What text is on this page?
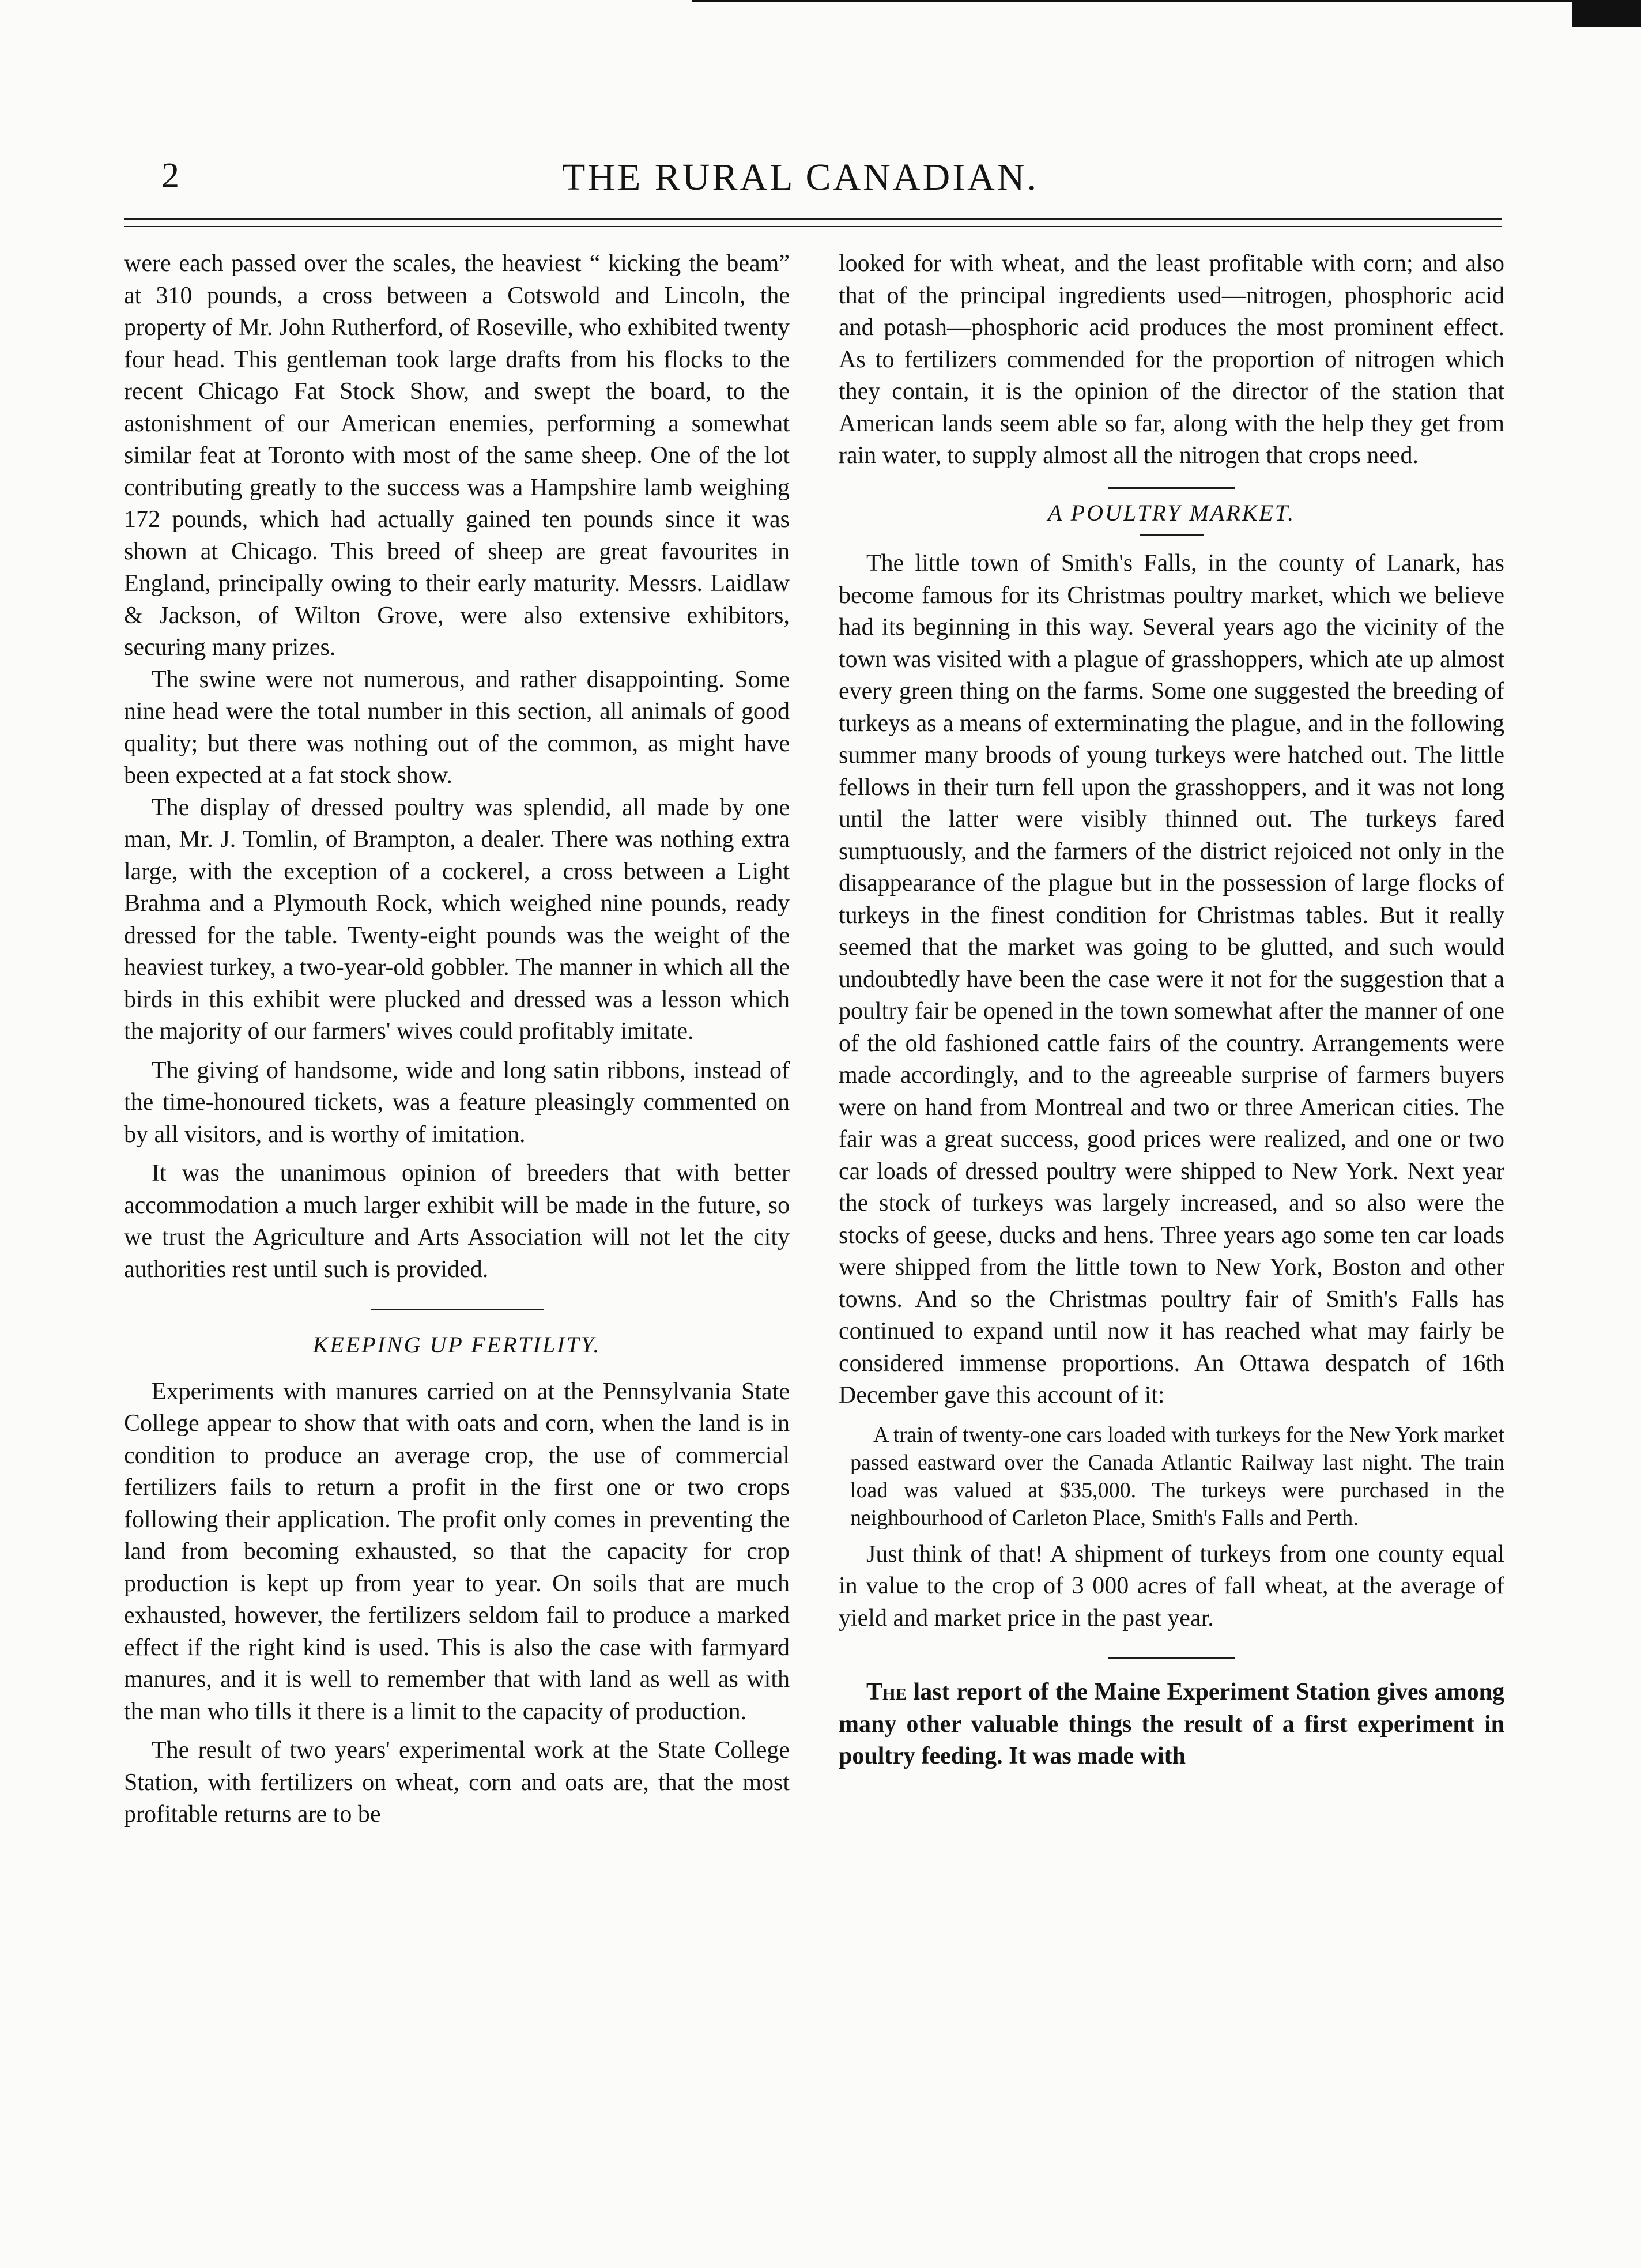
2	THE RURAL CANADIAN.

were each passed over the scales, the heaviest “ kicking the beam” at 310 pounds, a cross between a Cotswold and Lincoln, the property of Mr. John Rutherford, of Roseville, who exhibited twenty four head. This gentleman took large drafts from his flocks to the recent Chicago Fat Stock Show, and swept the board, to the astonishment of our American enemies, performing a somewhat similar feat at Toronto with most of the same sheep. One of the lot contributing greatly to the success was a Hampshire lamb weighing 172 pounds, which had actually gained ten pounds since it was shown at Chicago. This breed of sheep are great favourites in England, principally owing to their early maturity. Messrs. Laidlaw & Jackson, of Wilton Grove, were also extensive exhibitors, securing many prizes.

The swine were not numerous, and rather disappointing. Some nine head were the total number in this section, all animals of good quality; but there was nothing out of the common, as might have been expected at a fat stock show.

The display of dressed poultry was splendid, all made by one man, Mr. J. Tomlin, of Brampton, a dealer. There was nothing extra large, with the exception of a cockerel, a cross between a Light Brahma and a Plymouth Rock, which weighed nine pounds, ready dressed for the table. Twenty-eight pounds was the weight of the heaviest turkey, a two-year-old gobbler. The manner in which all the birds in this exhibit were plucked and dressed was a lesson which the majority of our farmers' wives could profitably imitate.

The giving of handsome, wide and long satin ribbons, instead of the time-honoured tickets, was a feature pleasingly commented on by all visitors, and is worthy of imitation.

It was the unanimous opinion of breeders that with better accommodation a much larger exhibit will be made in the future, so we trust the Agriculture and Arts Association will not let the city authorities rest until such is provided.

KEEPING UP FERTILITY.

Experiments with manures carried on at the Pennsylvania State College appear to show that with oats and corn, when the land is in condition to produce an average crop, the use of commercial fertilizers fails to return a profit in the first one or two crops following their application. The profit only comes in preventing the land from becoming exhausted, so that the capacity for crop production is kept up from year to year. On soils that are much exhausted, however, the fertilizers seldom fail to produce a marked effect if the right kind is used. This is also the case with farmyard manures, and it is well to remember that with land as well as with the man who tills it there is a limit to the capacity of production.

The result of two years' experimental work at the State College Station, with fertilizers on wheat, corn and oats are, that the most profitable returns are to be

looked for with wheat, and the least profitable with corn; and also that of the principal ingredients used—nitrogen, phosphoric acid and potash—phosphoric acid produces the most prominent effect. As to fertilizers commended for the proportion of nitrogen which they contain, it is the opinion of the director of the station that American lands seem able so far, along with the help they get from rain water, to supply almost all the nitrogen that crops need.

A POULTRY MARKET.

The little town of Smith's Falls, in the county of Lanark, has become famous for its Christmas poultry market, which we believe had its beginning in this way. Several years ago the vicinity of the town was visited with a plague of grasshoppers, which ate up almost every green thing on the farms. Some one suggested the breeding of turkeys as a means of exterminating the plague, and in the following summer many broods of young turkeys were hatched out. The little fellows in their turn fell upon the grasshoppers, and it was not long until the latter were visibly thinned out. The turkeys fared sumptuously, and the farmers of the district rejoiced not only in the disappearance of the plague but in the possession of large flocks of turkeys in the finest condition for Christmas tables. But it really seemed that the market was going to be glutted, and such would undoubtedly have been the case were it not for the suggestion that a poultry fair be opened in the town somewhat after the manner of one of the old fashioned cattle fairs of the country. Arrangements were made accordingly, and to the agreeable surprise of farmers buyers were on hand from Montreal and two or three American cities. The fair was a great success, good prices were realized, and one or two car loads of dressed poultry were shipped to New York. Next year the stock of turkeys was largely increased, and so also were the stocks of geese, ducks and hens. Three years ago some ten car loads were shipped from the little town to New York, Boston and other towns. And so the Christmas poultry fair of Smith's Falls has continued to expand until now it has reached what may fairly be considered immense proportions. An Ottawa despatch of 16th December gave this account of it:

A train of twenty-one cars loaded with turkeys for the New York market passed eastward over the Canada Atlantic Railway last night. The train load was valued at $35,000. The turkeys were purchased in the neighbourhood of Carleton Place, Smith's Falls and Perth.

Just think of that! A shipment of turkeys from one county equal in value to the crop of 3 000 acres of fall wheat, at the average of yield and market price in the past year.

The last report of the Maine Experiment Station gives among many other valuable things the result of a first experiment in poultry feeding. It was made with
